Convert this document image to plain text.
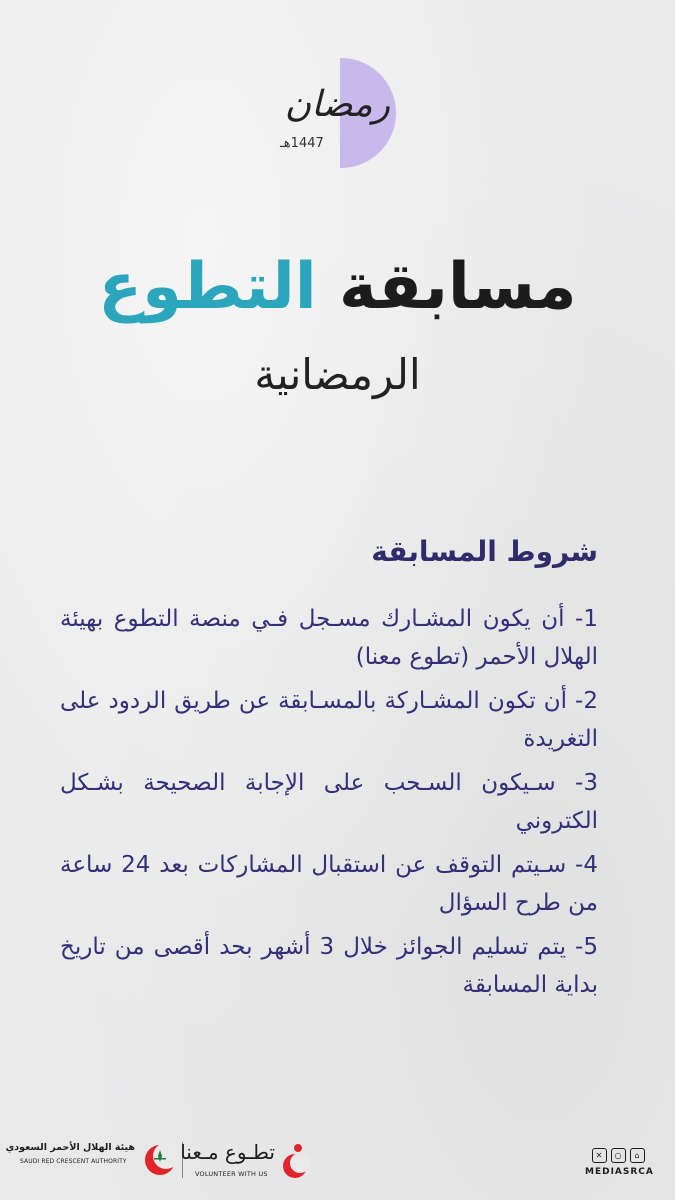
رمضان
1447هـ
مسابقة التطوع
الرمضانية
شروط المسابقة
1- أن يكون المشـارك مسـجل فـي منصة التطوع بهيئة الهلال الأحمر (تطوع معنا)
2- أن تكون المشـاركة بالمسـابقة عن طريق الردود على التغريدة
3- سـيكون السـحب على الإجابة الصحيحة بشـكل الكتروني
4- سـيتم التوقف عن استقبال المشاركات بعد 24 ساعة من طرح السؤال
5- يتم تسليم الجوائز خلال 3 أشهر بحد أقصى من تاريخ بداية المسابقة
هيئة الهلال الأحمر السعودي
SAUDI RED CRESCENT AUTHORITY	تطـوع مـعنا
VOLUNTEER WITH US
✕	○	⌂
MEDIASRCA
